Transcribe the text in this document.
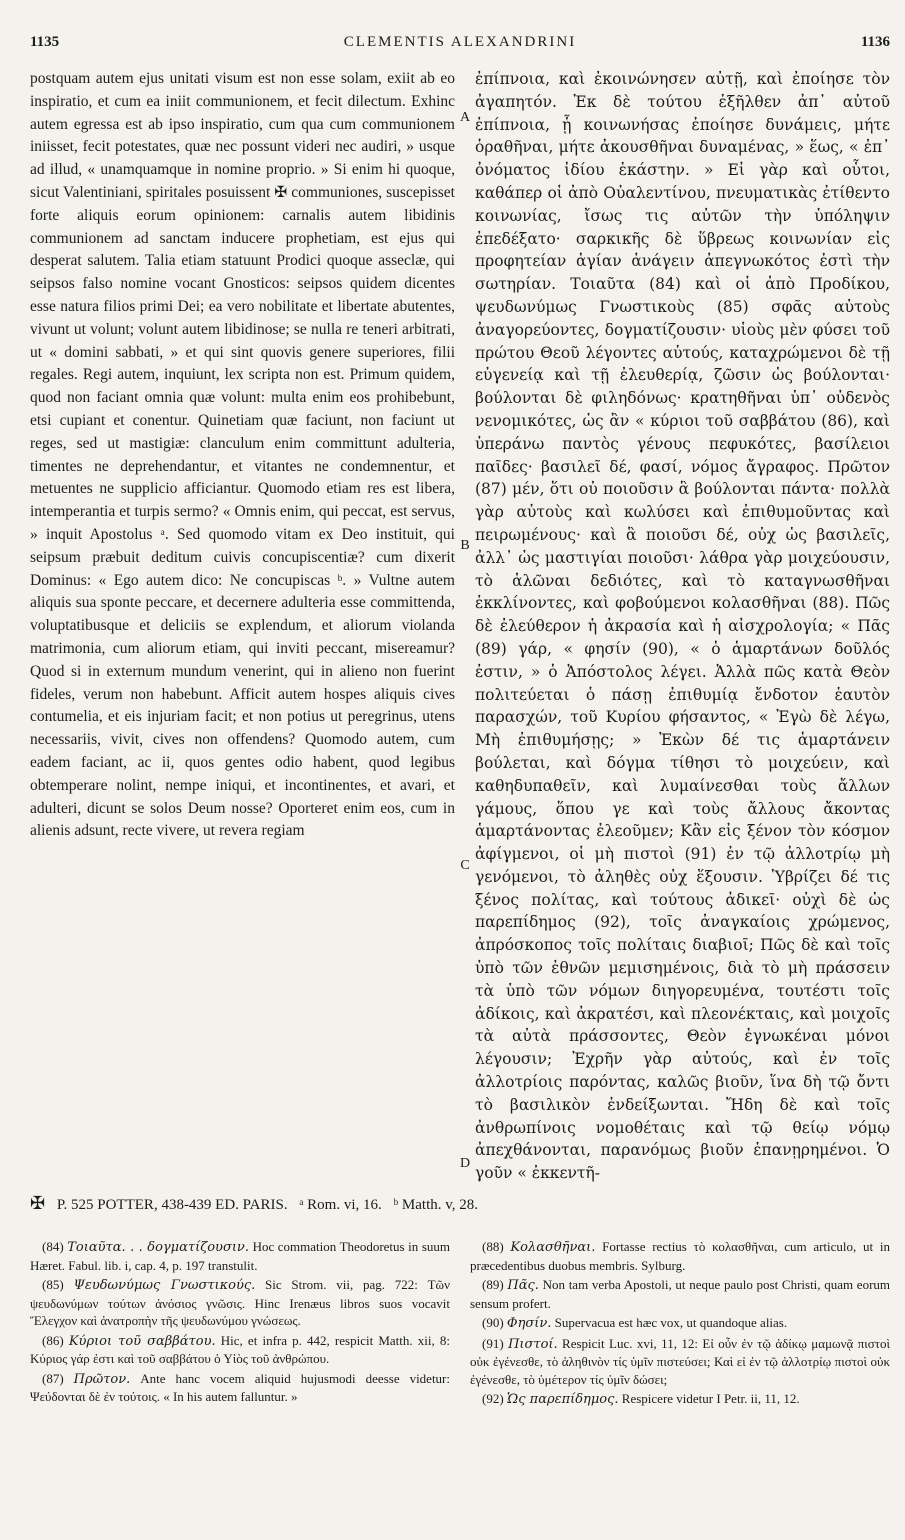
1135	CLEMENTIS ALEXANDRINI	1136

postquam autem ejus unitati visum est non esse solam, exiit ab eo inspiratio, et cum ea iniit communionem, et fecit dilectum. Exhinc autem egressa est ab ipso inspiratio, cum qua cum communionem iniisset, fecit potestates, quæ nec possunt videri nec audiri, » usque ad illud, « unamquamque in nomine proprio. » Si enim hi quoque, sicut Valentiniani, spiritales posuissent ✠ communiones, suscepisset forte aliquis eorum opinionem: carnalis autem libidinis communionem ad sanctam inducere prophetiam, est ejus qui desperat salutem. Talia etiam statuunt Prodici quoque asseclæ, qui seipsos falso nomine vocant Gnosticos: seipsos quidem dicentes esse natura filios primi Dei; ea vero nobilitate et libertate abutentes, vivunt ut volunt; volunt autem libidinose; se nulla re teneri arbitrati, ut « domini sabbati, » et qui sint quovis genere superiores, filii regales. Regi autem, inquiunt, lex scripta non est. Primum quidem, quod non faciant omnia quæ volunt: multa enim eos prohibebunt, etsi cupiant et conentur. Quinetiam quæ faciunt, non faciunt ut reges, sed ut mastigiæ: clanculum enim committunt adulteria, timentes ne deprehendantur, et vitantes ne condemnentur, et metuentes ne supplicio afficiantur. Quomodo etiam res est libera, intemperantia et turpis sermo? « Omnis enim, qui peccat, est servus, » inquit Apostolus ᵃ. Sed quomodo vitam ex Deo instituit, qui seipsum præbuit deditum cuivis concupiscentiæ? cum dixerit Dominus: « Ego autem dico: Ne concupiscas ᵇ. » Vultne autem aliquis sua sponte peccare, et decernere adulteria esse committenda, voluptatibusque et deliciis se explendum, et aliorum violanda matrimonia, cum aliorum etiam, qui inviti peccant, misereamur? Quod si in externum mundum venerint, qui in alieno non fuerint fideles, verum non habebunt. Afficit autem hospes aliquis cives contumelia, et eis injuriam facit; et non potius ut peregrinus, utens necessariis, vivit, cives non offendens? Quomodo autem, cum eadem faciant, ac ii, quos gentes odio habent, quod legibus obtemperare nolint, nempe iniqui, et incontinentes, et avari, et adulteri, dicunt se solos Deum nosse? Oporteret enim eos, cum in alienis adsunt, recte vivere, ut revera regiam

A
B
C
D

ἐπίπνοια, καὶ ἐκοινώνησεν αὐτῇ, καὶ ἐποίησε τὸν ἀγαπητόν. Ἐκ δὲ τούτου ἐξῆλθεν ἀπ᾽ αὐτοῦ ἐπίπνοια, ᾗ κοινωνήσας ἐποίησε δυνάμεις, μήτε ὁραθῆναι, μήτε ἀκουσθῆναι δυναμένας, » ἕως, « ἐπ᾽ ὀνόματος ἰδίου ἑκάστην. » Εἰ γὰρ καὶ οὗτοι, καθάπερ οἱ ἀπὸ Οὐαλεντίνου, πνευματικὰς ἐτίθεντο κοινωνίας, ἴσως τις αὐτῶν τὴν ὑπόληψιν ἐπεδέξατο· σαρκικῆς δὲ ὕβρεως κοινωνίαν εἰς προφητείαν ἁγίαν ἀνάγειν ἀπεγνωκότος ἐστὶ τὴν σωτηρίαν. Τοιαῦτα (84) καὶ οἱ ἀπὸ Προδίκου, ψευδωνύμως Γνωστικοὺς (85) σφᾶς αὐτοὺς ἀναγορεύοντες, δογματίζουσιν· υἱοὺς μὲν φύσει τοῦ πρώτου Θεοῦ λέγοντες αὐτούς, καταχρώμενοι δὲ τῇ εὐγενείᾳ καὶ τῇ ἐλευθερίᾳ, ζῶσιν ὡς βούλονται· βούλονται δὲ φιληδόνως· κρατηθῆναι ὑπ᾽ οὐδενὸς νενομικότες, ὡς ἂν « κύριοι τοῦ σαββάτου (86), καὶ ὑπεράνω παντὸς γένους πεφυκότες, βασίλειοι παῖδες· βασιλεῖ δέ, φασί, νόμος ἄγραφος. Πρῶτον (87) μέν, ὅτι οὐ ποιοῦσιν ἃ βούλονται πάντα· πολλὰ γὰρ αὐτοὺς καὶ κωλύσει καὶ ἐπιθυμοῦντας καὶ πειρωμένους· καὶ ἃ ποιοῦσι δέ, οὐχ ὡς βασιλεῖς, ἀλλ᾽ ὡς μαστιγίαι ποιοῦσι· λάθρα γὰρ μοιχεύουσιν, τὸ ἁλῶναι δεδιότες, καὶ τὸ καταγνωσθῆναι ἐκκλίνοντες, καὶ φοβούμενοι κολασθῆναι (88). Πῶς δὲ ἐλεύθερον ἡ ἀκρασία καὶ ἡ αἰσχρολογία; « Πᾶς (89) γάρ, « φησίν (90), « ὁ ἁμαρτάνων δοῦλός ἐστιν, » ὁ Ἀπόστολος λέγει. Ἀλλὰ πῶς κατὰ Θεὸν πολιτεύεται ὁ πάσῃ ἐπιθυμίᾳ ἔνδοτον ἑαυτὸν παρασχών, τοῦ Κυρίου φήσαντος, « Ἐγὼ δὲ λέγω, Μὴ ἐπιθυμήσῃς; » Ἑκὼν δέ τις ἁμαρτάνειν βούλεται, καὶ δόγμα τίθησι τὸ μοιχεύειν, καὶ καθηδυπαθεῖν, καὶ λυμαίνεσθαι τοὺς ἄλλων γάμους, ὅπου γε καὶ τοὺς ἄλλους ἄκοντας ἁμαρτάνοντας ἐλεοῦμεν; Κἂν εἰς ξένον τὸν κόσμον ἀφίγμενοι, οἱ μὴ πιστοὶ (91) ἐν τῷ ἀλλοτρίῳ μὴ γενόμενοι, τὸ ἀληθὲς οὐχ ἕξουσιν. Ὑβρίζει δέ τις ξένος πολίτας, καὶ τούτους ἀδικεῖ· οὐχὶ δὲ ὡς παρεπίδημος (92), τοῖς ἀναγκαίοις χρώμενος, ἀπρόσκοπος τοῖς πολίταις διαβιοῖ; Πῶς δὲ καὶ τοῖς ὑπὸ τῶν ἐθνῶν μεμισημένοις, διὰ τὸ μὴ πράσσειν τὰ ὑπὸ τῶν νόμων διηγορευμένα, τουτέστι τοῖς ἀδίκοις, καὶ ἀκρατέσι, καὶ πλεονέκταις, καὶ μοιχοῖς τὰ αὐτὰ πράσσοντες, Θεὸν ἐγνωκέναι μόνοι λέγουσιν; Ἐχρῆν γὰρ αὐτούς, καὶ ἐν τοῖς ἀλλοτρίοις παρόντας, καλῶς βιοῦν, ἵνα δὴ τῷ ὄντι τὸ βασιλικὸν ἐνδείξωνται. Ἤδη δὲ καὶ τοῖς ἀνθρωπίνοις νομοθέταις καὶ τῷ θείῳ νόμῳ ἀπεχθάνονται, παρανόμως βιοῦν ἐπανῃρημένοι. Ὁ γοῦν « ἐκκεντῆ-

✠ P. 525 POTTER, 438-439 ED. PARIS. ᵃ Rom. vi, 16. ᵇ Matth. v, 28.

(84) Τοιαῦτα. . . δογματίζουσιν. Hoc commation Theodoretus in suum Hæret. Fabul. lib. i, cap. 4, p. 197 transtulit.

(85) Ψευδωνύμως Γνωστικούς. Sic Strom. vii, pag. 722: Τῶν ψευδωνύμων τούτων ἀνόσιος γνῶσις. Hinc Irenæus libros suos vocavit Ἔλεγχον καὶ ἀνατροπὴν τῆς ψευδωνύμου γνώσεως.

(86) Κύριοι τοῦ σαββάτου. Hic, et infra p. 442, respicit Matth. xii, 8: Κύριος γάρ ἐστι καὶ τοῦ σαββάτου ὁ Υἱὸς τοῦ ἀνθρώπου.

(87) Πρῶτον. Ante hanc vocem aliquid hujusmodi deesse videtur: Ψεύδονται δὲ ἐν τούτοις. « In his autem falluntur. »

(88) Κολασθῆναι. Fortasse rectius τὸ κολασθῆναι, cum articulo, ut in præcedentibus duobus membris. Sylburg.

(89) Πᾶς. Non tam verba Apostoli, ut neque paulo post Christi, quam eorum sensum profert.

(90) Φησίν. Supervacua est hæc vox, ut quandoque alias.

(91) Πιστοί. Respicit Luc. xvi, 11, 12: Εἰ οὖν ἐν τῷ ἀδίκῳ μαμωνᾷ πιστοὶ οὐκ ἐγένεσθε, τὸ ἀληθινὸν τίς ὑμῖν πιστεύσει; Καὶ εἰ ἐν τῷ ἀλλοτρίῳ πιστοὶ οὐκ ἐγένεσθε, τὸ ὑμέτερον τίς ὑμῖν δώσει;

(92) Ὡς παρεπίδημος. Respicere videtur I Petr. ii, 11, 12.
